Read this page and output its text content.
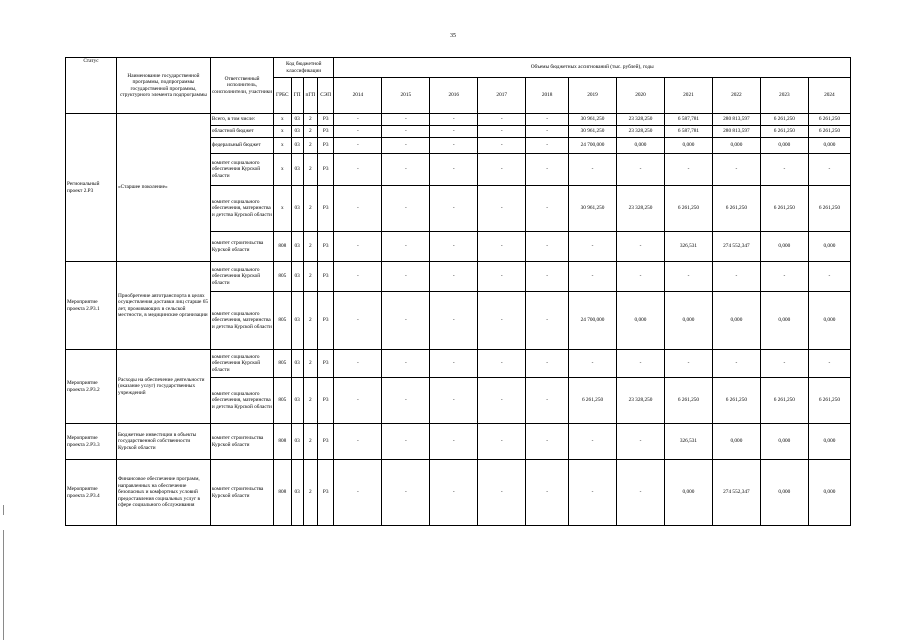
35
Статус	Наименование государственной программы, подпрограммы государственной программы, структурного элемента подпрограммы	Ответственный исполнитель, соисполнители, участники	Код бюджетной классификации				Объемы бюджетных ассигнований (тыс. рублей), годы										
			ГРБС	ГП	пГП	СЭП	2014	2015	2016	2017	2018	2019	2020	2021	2022	2023	2024
Региональный проект 2.Р3	«Старшее поколение»	Всего, в том числе:	х	03	2	Р3	-	-	-	-	-	30 961,250	23 328,250	6 587,781	280 813,597	6 261,250	6 261,250
		областной бюджет	х	03	2	Р3	-	-	-	-	-	30 961,250	23 328,250	6 587,781	280 813,597	6 261,250	6 261,250
		федеральный бюджет	х	03	2	Р3	-	-	-	-	-	24 700,000	0,000	0,000	0,000	0,000	0,000
		комитет социального обеспечения Курской области	х	03	2	Р3	-	-	-	-	-	-	-	-	-	-	-
		комитет социального обеспечения, материнства и детства Курской области	х	03	2	Р3	-	-	-	-	-	30 961,250	23 328,250	6 261,250	6 261,250	6 261,250	6 261,250
		комитет строительства Курской области	808	03	2	Р3	-	-	-	-	-	-	-	326,531	274 552,347	0,000	0,000
Мероприятие проекта 2.Р3.1	Приобретение автотранспорта в целях осуществления доставки лиц старше 65 лет, проживающих в сельской местности, в медицинские организации	комитет социального обеспечения Курской области	805	03	2	Р3	-	-	-	-	-	-	-	-	-	-	-
		комитет социального обеспечения, материнства и детства Курской области	805	03	2	Р3	-	-	-	-	-	24 700,000	0,000	0,000	0,000	0,000	0,000
Мероприятие проекта 2.Р3.2	Расходы на обеспечение деятельности (оказание услуг) государственных учреждений	комитет социального обеспечения Курской области	805	03	2	Р3	-	-	-	-	-	-	-	-	-	-	-
		комитет социального обеспечения, материнства и детства Курской области	805	03	2	Р3	-	-	-	-	-	6 261,250	23 328,250	6 261,250	6 261,250	6 261,250	6 261,250
Мероприятие проекта 2.Р3.3	Бюджетные инвестиции в объекты государственной собственности Курской области	комитет строительства Курской области	808	03	2	Р3	-	-	-	-	-	-	-	326,531	0,000	0,000	0,000
Мероприятие проекта 2.Р3.4	Финансовое обеспечение программ, направленных на обеспечение безопасных и комфортных условий предоставления социальных услуг в сфере социального обслуживания	комитет строительства Курской области	808	03	2	Р3	-	-	-	-	-	-	-	0,000	274 552,347	0,000	0,000
